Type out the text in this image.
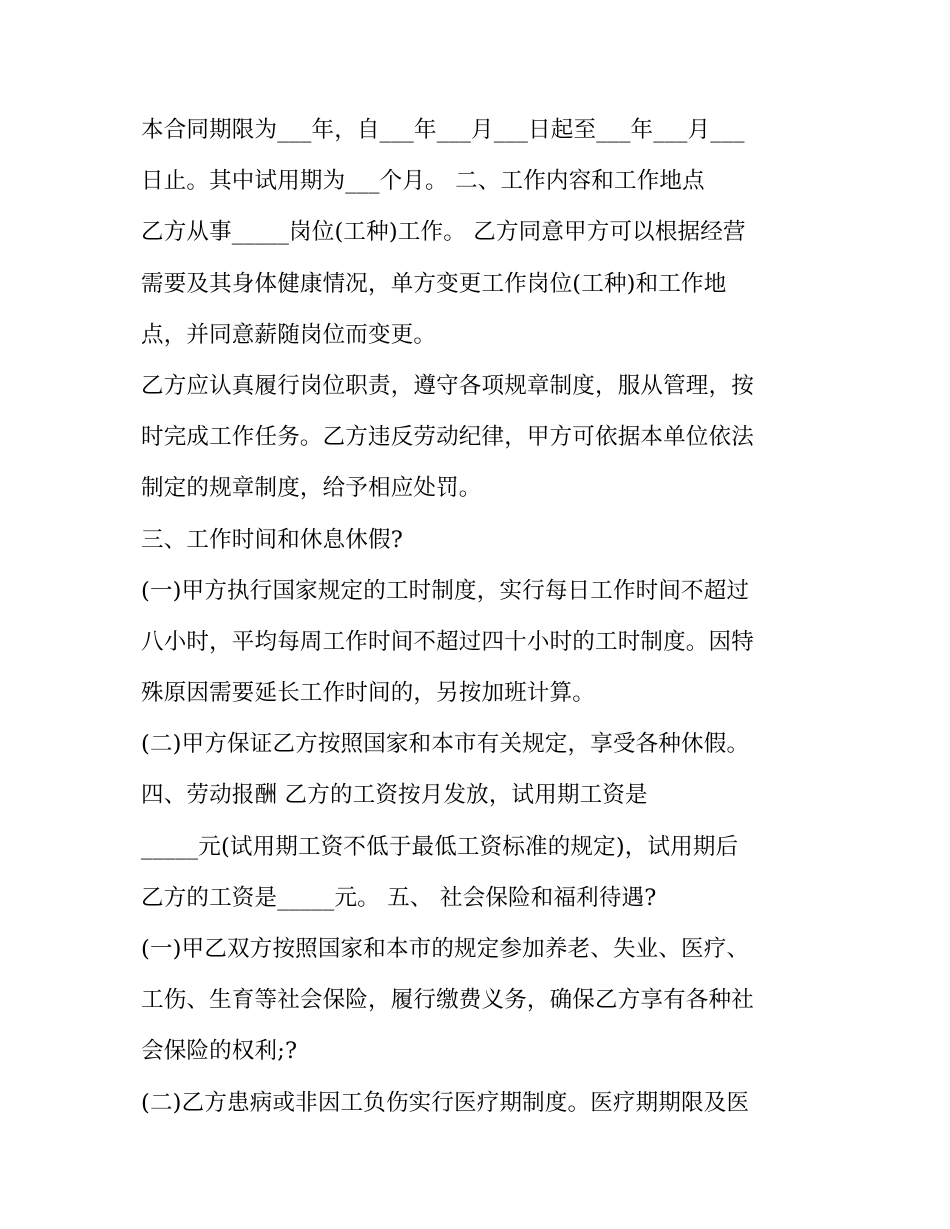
本合同期限为___年，自___年___月___日起至___年___月___
日止。其中试用期为___个月。 二、工作内容和工作地点
乙方从事_____岗位(工种)工作。 乙方同意甲方可以根据经营
需要及其身体健康情况，单方变更工作岗位(工种)和工作地
点，并同意薪随岗位而变更。
乙方应认真履行岗位职责，遵守各项规章制度，服从管理，按
时完成工作任务。乙方违反劳动纪律，甲方可依据本单位依法
制定的规章制度，给予相应处罚。
三、工作时间和休息休假?
(一)甲方执行国家规定的工时制度，实行每日工作时间不超过
八小时，平均每周工作时间不超过四十小时的工时制度。因特
殊原因需要延长工作时间的，另按加班计算。
(二)甲方保证乙方按照国家和本市有关规定，享受各种休假。
四、劳动报酬 乙方的工资按月发放，试用期工资是
_____元(试用期工资不低于最低工资标准的规定)，试用期后
乙方的工资是_____元。 五、 社会保险和福利待遇?
(一)甲乙双方按照国家和本市的规定参加养老、失业、医疗、
工伤、生育等社会保险，履行缴费义务，确保乙方享有各种社
会保险的权利;?
(二)乙方患病或非因工负伤实行医疗期制度。医疗期期限及医
